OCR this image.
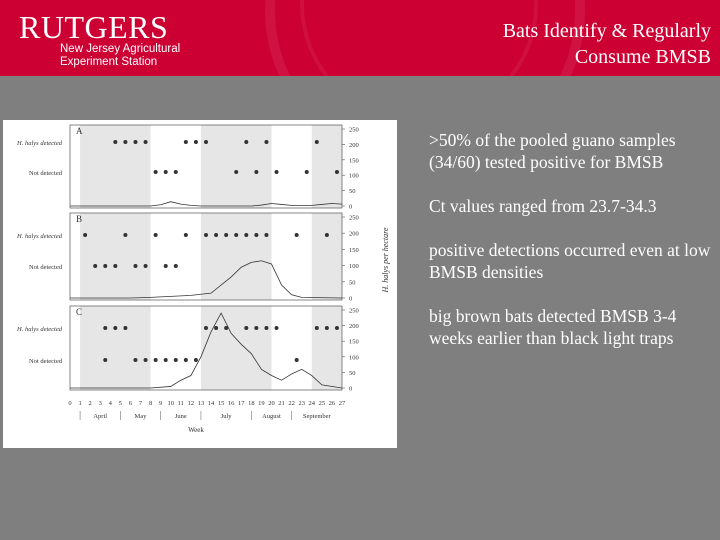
RUTGERS
New Jersey Agricultural
Experiment Station
Bats Identify & Regularly
Consume BMSB
A
H. halys detected
Not detected
250
200
150
100
50
0
B
H. halys detected
Not detected
250
200
150
100
50
0
C
H. halys detected
Not detected
250
200
150
100
50
0
0 1 2 3 4 5 6 7 8 9 10 11 12 13 14 15 16 17 18 19 20 21 22 23 24 25 26 27
April	May	June	July	August	September
Week
H. halys per hectare

>50% of the pooled guano samples (34/60) tested positive for BMSB

Ct values ranged from 23.7-34.3

positive detections occurred even at low BMSB densities

big brown bats detected BMSB 3-4 weeks earlier than black light traps
